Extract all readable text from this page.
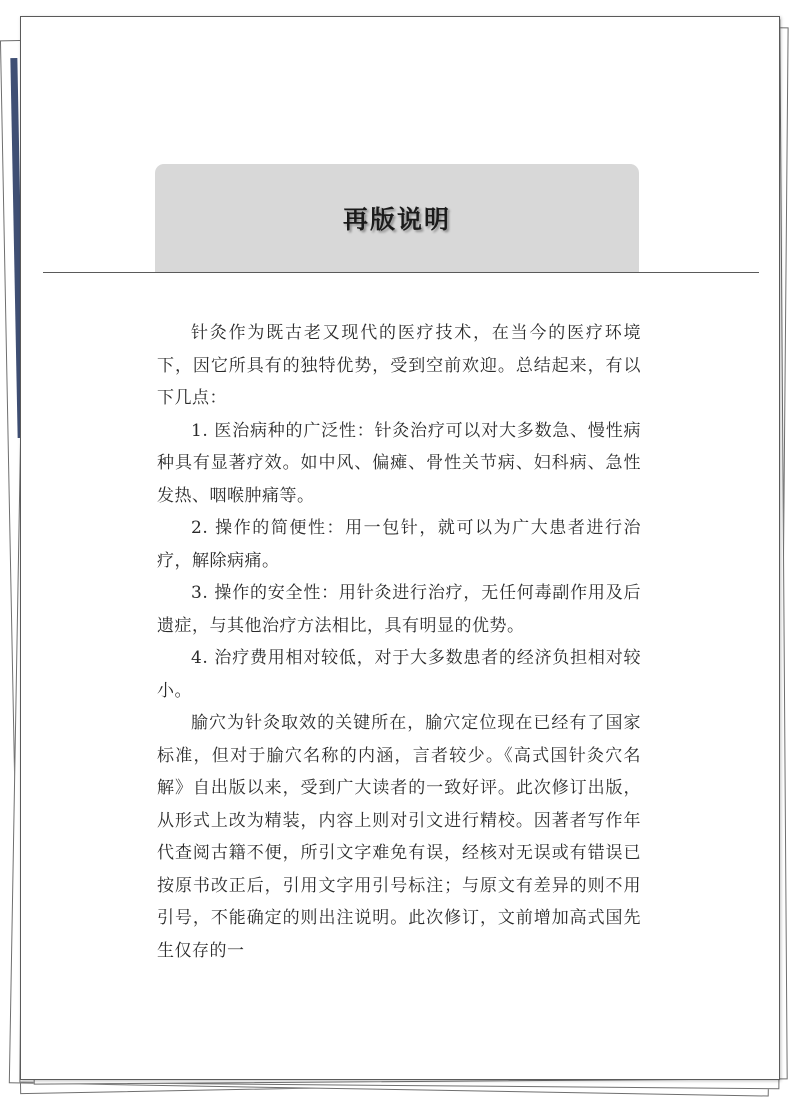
再版说明

针灸作为既古老又现代的医疗技术，在当今的医疗环境下，因它所具有的独特优势，受到空前欢迎。总结起来，有以下几点：

1. 医治病种的广泛性：针灸治疗可以对大多数急、慢性病种具有显著疗效。如中风、偏瘫、骨性关节病、妇科病、急性发热、咽喉肿痛等。

2. 操作的简便性：用一包针，就可以为广大患者进行治疗，解除病痛。

3. 操作的安全性：用针灸进行治疗，无任何毒副作用及后遗症，与其他治疗方法相比，具有明显的优势。

4. 治疗费用相对较低，对于大多数患者的经济负担相对较小。

腧穴为针灸取效的关键所在，腧穴定位现在已经有了国家标准，但对于腧穴名称的内涵，言者较少。《高式国针灸穴名解》自出版以来，受到广大读者的一致好评。此次修订出版，从形式上改为精装，内容上则对引文进行精校。因著者写作年代查阅古籍不便，所引文字难免有误，经核对无误或有错误已按原书改正后，引用文字用引号标注；与原文有差异的则不用引号，不能确定的则出注说明。此次修订，文前增加高式国先生仅存的一
